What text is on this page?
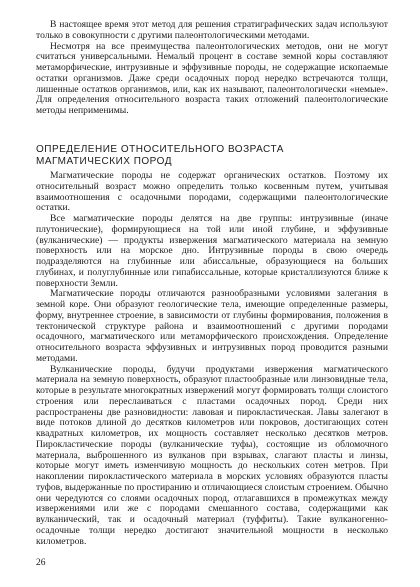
В настоящее время этот метод для решения стратиграфических задач используют только в совокупности с другими палеонтологическими методами.

Несмотря на все преимущества палеонтологических методов, они не могут считаться универсальными. Немалый процент в составе земной коры составляют метаморфические, интрузивные и эффузивные породы, не содержащие ископаемые остатки организмов. Даже среди осадочных пород нередко встречаются толщи, лишенные остатков организмов, или, как их называют, палеонтологически «немые». Для определения относительного возраста таких отложений палеонтологические методы неприменимы.

ОПРЕДЕЛЕНИЕ ОТНОСИТЕЛЬНОГО ВОЗРАСТА
МАГМАТИЧЕСКИХ ПОРОД

Магматические породы не содержат органических остатков. Поэтому их относительный возраст можно определить только косвенным путем, учитывая взаимоотношения с осадочными породами, содержащими палеонтологические остатки.

Все магматические породы делятся на две группы: интрузивные (иначе плутонические), формирующиеся на той или иной глубине, и эффузивные (вулканические) — продукты извержения магматического материала на земную поверхность или на морское дно. Интрузивные породы в свою очередь подразделяются на глубинные или абиссальные, образующиеся на больших глубинах, и полуглубинные или гипабиссальные, которые кристаллизуются ближе к поверхности Земли.

Магматические породы отличаются разнообразными условиями залегания в земной коре. Они образуют геологические тела, имеющие определенные размеры, форму, внутреннее строение, в зависимости от глубины формирования, положения в тектонической структуре района и взаимоотношений с другими породами осадочного, магматического или метаморфического происхождения. Определение относительного возраста эффузивных и интрузивных пород проводится разными методами.

Вулканические породы, будучи продуктами извержения магматического материала на земную поверхность, образуют пластообразные или линзовидные тела, которые в результате многократных извержений могут формировать толщи слоистого строения или переслаиваться с пластами осадочных пород. Среди них распространены две разновидности: лавовая и пирокластическая. Лавы залегают в виде потоков длиной до десятков километров или покровов, достигающих сотен квадратных километров, их мощность составляет несколько десятков метров. Пирокластические породы (вулканические туфы), состоящие из обломочного материала, выброшенного из вулканов при взрывах, слагают пласты и линзы, которые могут иметь изменчивую мощность до нескольких сотен метров. При накоплении пирокластического материала в морских условиях образуются пласты туфов, выдержанные по простиранию и отличающиеся слоистым строением. Обычно они чередуются со слоями осадочных пород, отлагавшихся в промежутках между извержениями или же с породами смешанного состава, содержащими как вулканический, так и осадочный материал (туффиты). Такие вулканогенно-осадочные толщи нередко достигают значительной мощности в несколько километров.

26
